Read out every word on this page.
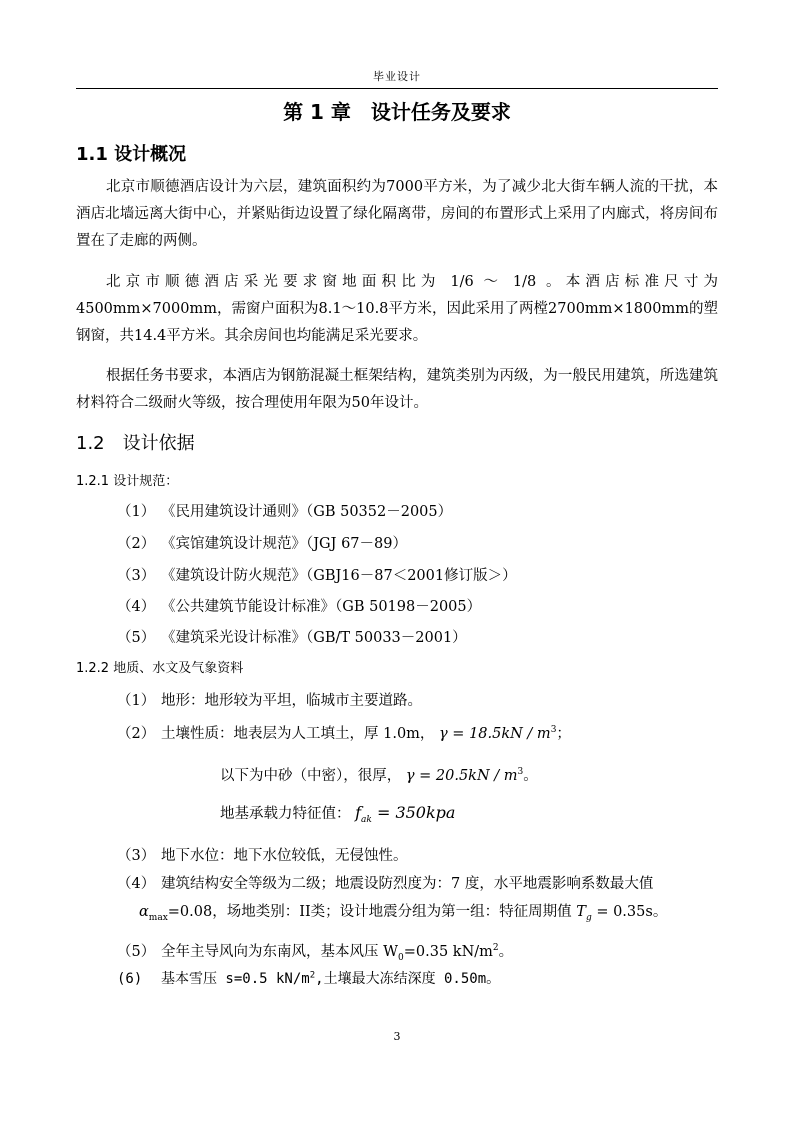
毕业设计
第 1 章　设计任务及要求
1.1 设计概况
北京市顺德酒店设计为六层，建筑面积约为7000平方米，为了减少北大街车辆人流的干扰，本酒店北墙远离大街中心，并紧贴街边设置了绿化隔离带，房间的布置形式上采用了内廊式，将房间布置在了走廊的两侧。
北京市顺德酒店采光要求窗地面积比为 1/6 ～ 1/8 。本酒店标准尺寸为4500mm×7000mm，需窗户面积为8.1～10.8平方米，因此采用了两樘2700mm×1800mm的塑钢窗，共14.4平方米。其余房间也均能满足采光要求。
根据任务书要求，本酒店为钢筋混凝土框架结构，建筑类别为丙级，为一般民用建筑，所选建筑材料符合二级耐火等级，按合理使用年限为50年设计。
1.2　设计依据
1.2.1 设计规范：
（1） 《民用建筑设计通则》（GB 50352－2005）
（2） 《宾馆建筑设计规范》（JGJ 67－89）
（3） 《建筑设计防火规范》（GBJ16－87＜2001修订版＞）
（4） 《公共建筑节能设计标准》（GB 50198－2005）
（5） 《建筑采光设计标准》（GB/T 50033－2001）
1.2.2 地质、水文及气象资料
（1） 地形：地形较为平坦，临城市主要道路。
（2） 土壤性质：地表层为人工填土，厚 1.0m， $\gamma = 18.5kN / m^3$；
以下为中砂（中密），很厚， $\gamma = 20.5kN / m^3$。
地基承载力特征值： $f_{ak} = 350kpa$
（3） 地下水位：地下水位较低，无侵蚀性。
（4） 建筑结构安全等级为二级；地震设防烈度为：7 度，水平地震影响系数最大值
$\alpha_{max}=0.08$，场地类别：II类；设计地震分组为第一组：特征周期值 $T_g = 0.35s$。
（5） 全年主导风向为东南风，基本风压 $W_0=0.35$ $kN/m^2$。
(6) 基本雪压 s=0.5 $kN/m^2$,土壤最大冻结深度 0.50m。
3
